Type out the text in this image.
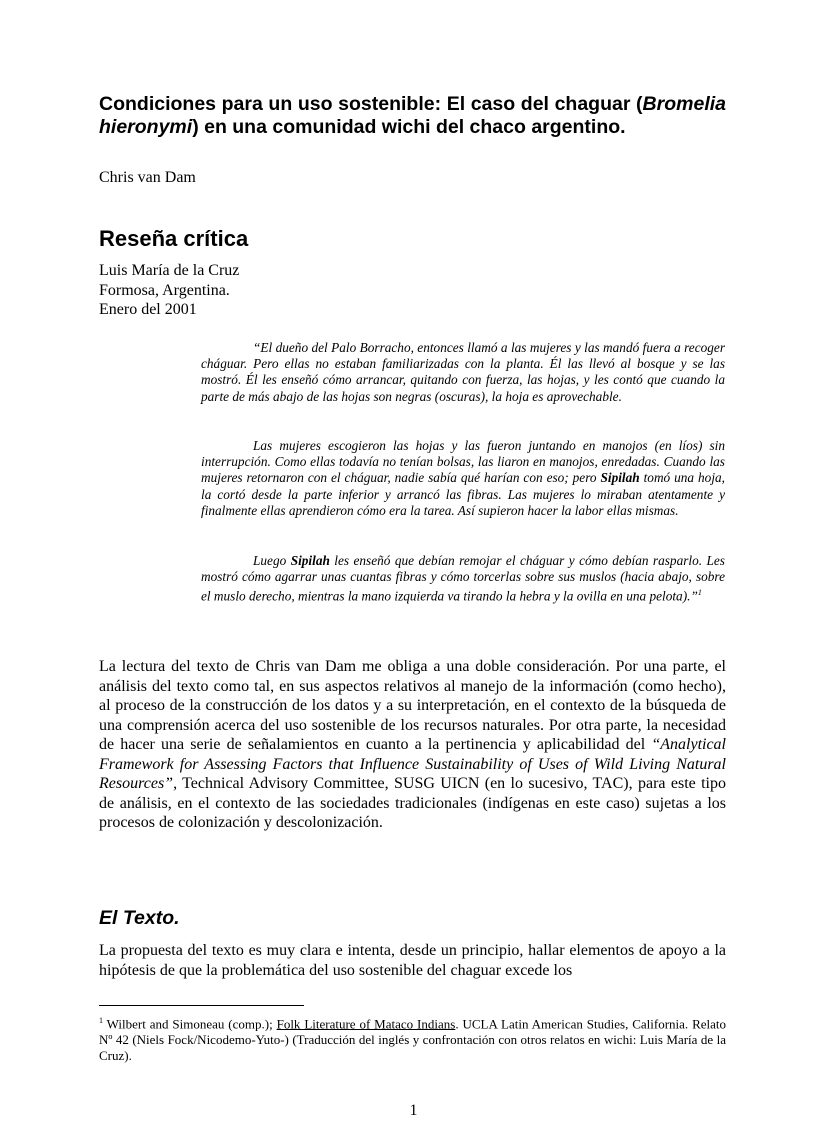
Condiciones para un uso sostenible: El caso del chaguar (Bromelia hieronymi) en una comunidad wichi del chaco argentino.

Chris van Dam

Reseña crítica
Luis María de la Cruz
Formosa, Argentina.
Enero del 2001

“El dueño del Palo Borracho, entonces llamó a las mujeres y las mandó fuera a recoger cháguar. Pero ellas no estaban familiarizadas con la planta. Él las llevó al bosque y se las mostró. Él les enseñó cómo arrancar, quitando con fuerza, las hojas, y les contó que cuando la parte de más abajo de las hojas son negras (oscuras), la hoja es aprovechable.

Las mujeres escogieron las hojas y las fueron juntando en manojos (en líos) sin interrupción. Como ellas todavía no tenían bolsas, las liaron en manojos, enredadas. Cuando las mujeres retornaron con el cháguar, nadie sabía qué harían con eso; pero Sipilah tomó una hoja, la cortó desde la parte inferior y arrancó las fibras. Las mujeres lo miraban atentamente y finalmente ellas aprendieron cómo era la tarea. Así supieron hacer la labor ellas mismas.

Luego Sipilah les enseñó que debían remojar el cháguar y cómo debían rasparlo. Les mostró cómo agarrar unas cuantas fibras y cómo torcerlas sobre sus muslos (hacia abajo, sobre el muslo derecho, mientras la mano izquierda va tirando la hebra y la ovilla en una pelota).”$^1$

La lectura del texto de Chris van Dam me obliga a una doble consideración. Por una parte, el análisis del texto como tal, en sus aspectos relativos al manejo de la información (como hecho), al proceso de la construcción de los datos y a su interpretación, en el contexto de la búsqueda de una comprensión acerca del uso sostenible de los recursos naturales. Por otra parte, la necesidad de hacer una serie de señalamientos en cuanto a la pertinencia y aplicabilidad del “Analytical Framework for Assessing Factors that Influence Sustainability of Uses of Wild Living Natural Resources”, Technical Advisory Committee, SUSG UICN (en lo sucesivo, TAC), para este tipo de análisis, en el contexto de las sociedades tradicionales (indígenas en este caso) sujetas a los procesos de colonización y descolonización.

El Texto.

La propuesta del texto es muy clara e intenta, desde un principio, hallar elementos de apoyo a la hipótesis de que la problemática del uso sostenible del chaguar excede los

$^1$ Wilbert and Simoneau (comp.); Folk Literature of Mataco Indians. UCLA Latin American Studies, California. Relato Nº 42 (Niels Fock/Nicodemo-Yuto-) (Traducción del inglés y confrontación con otros relatos en wichi: Luis María de la Cruz).

1
